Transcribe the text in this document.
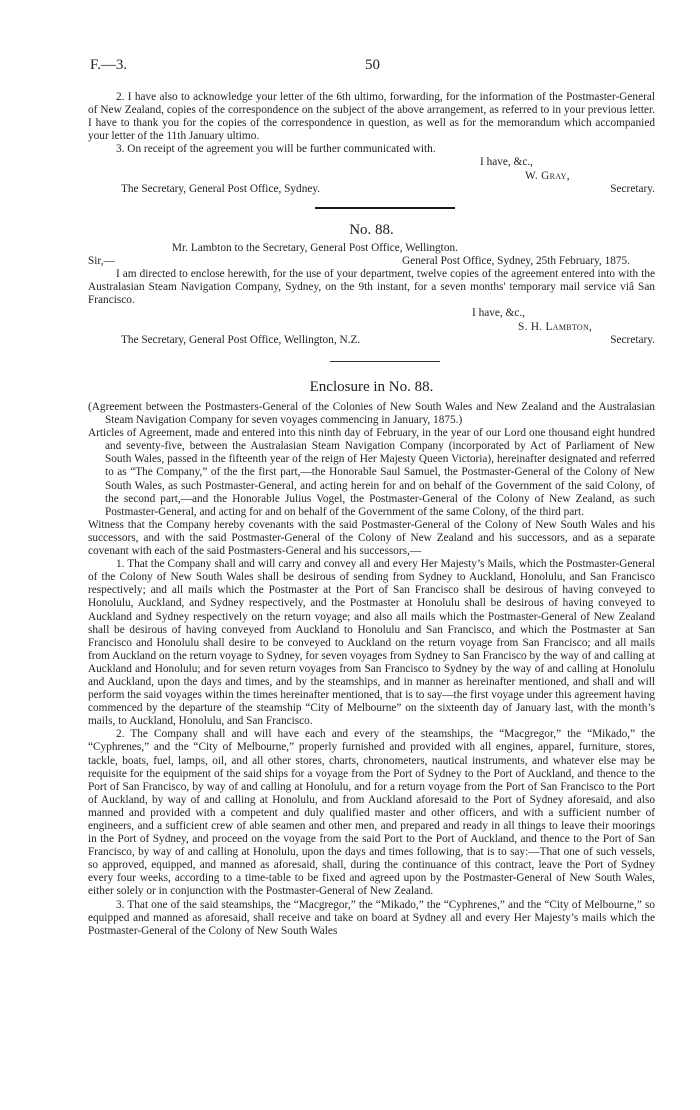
F.—3.	50

2. I have also to acknowledge your letter of the 6th ultimo, forwarding, for the information of the Postmaster-General of New Zealand, copies of the correspondence on the subject of the above arrangement, as referred to in your previous letter. I have to thank you for the copies of the correspondence in question, as well as for the memorandum which accompanied your letter of the 11th January ultimo.

3. On receipt of the agreement you will be further communicated with.

I have, &c.,

W. Gray,

The Secretary, General Post Office, Sydney.	Secretary.
No. 88.

Mr. Lambton to the Secretary, General Post Office, Wellington.

Sir,—	General Post Office, Sydney, 25th February, 1875.

I am directed to enclose herewith, for the use of your department, twelve copies of the agreement entered into with the Australasian Steam Navigation Company, Sydney, on the 9th instant, for a seven months' temporary mail service viâ San Francisco.

I have, &c.,

S. H. Lambton,

The Secretary, General Post Office, Wellington, N.Z.	Secretary.
Enclosure in No. 88.

(Agreement between the Postmasters-General of the Colonies of New South Wales and New Zealand and the Australasian Steam Navigation Company for seven voyages commencing in January, 1875.)

Articles of Agreement, made and entered into this ninth day of February, in the year of our Lord one thousand eight hundred and seventy-five, between the Australasian Steam Navigation Company (incorporated by Act of Parliament of New South Wales, passed in the fifteenth year of the reign of Her Majesty Queen Victoria), hereinafter designated and referred to as “The Company,” of the the first part,—the Honorable Saul Samuel, the Postmaster-General of the Colony of New South Wales, as such Postmaster-General, and acting herein for and on behalf of the Government of the said Colony, of the second part,—and the Honorable Julius Vogel, the Postmaster-General of the Colony of New Zealand, as such Postmaster-General, and acting for and on behalf of the Government of the same Colony, of the third part.

Witness that the Company hereby covenants with the said Postmaster-General of the Colony of New South Wales and his successors, and with the said Postmaster-General of the Colony of New Zealand and his successors, and as a separate covenant with each of the said Postmasters-General and his successors,—

1. That the Company shall and will carry and convey all and every Her Majesty’s Mails, which the Postmaster-General of the Colony of New South Wales shall be desirous of sending from Sydney to Auckland, Honolulu, and San Francisco respectively; and all mails which the Postmaster at the Port of San Francisco shall be desirous of having conveyed to Honolulu, Auckland, and Sydney respectively, and the Postmaster at Honolulu shall be desirous of having conveyed to Auckland and Sydney respectively on the return voyage; and also all mails which the Postmaster-General of New Zealand shall be desirous of having conveyed from Auckland to Honolulu and San Francisco, and which the Postmaster at San Francisco and Honolulu shall desire to be conveyed to Auckland on the return voyage from San Francisco; and all mails from Auckland on the return voyage to Sydney, for seven voyages from Sydney to San Francisco by the way of and calling at Auckland and Honolulu; and for seven return voyages from San Francisco to Sydney by the way of and calling at Honolulu and Auckland, upon the days and times, and by the steamships, and in manner as hereinafter mentioned, and shall and will perform the said voyages within the times hereinafter mentioned, that is to say—the first voyage under this agreement having commenced by the departure of the steamship “City of Melbourne” on the sixteenth day of January last, with the month’s mails, to Auckland, Honolulu, and San Francisco.

2. The Company shall and will have each and every of the steamships, the “Macgregor,” the “Mikado,” the “Cyphrenes,” and the “City of Melbourne,” properly furnished and provided with all engines, apparel, furniture, stores, tackle, boats, fuel, lamps, oil, and all other stores, charts, chronometers, nautical instruments, and whatever else may be requisite for the equipment of the said ships for a voyage from the Port of Sydney to the Port of Auckland, and thence to the Port of San Francisco, by way of and calling at Honolulu, and for a return voyage from the Port of San Francisco to the Port of Auckland, by way of and calling at Honolulu, and from Auckland aforesaid to the Port of Sydney aforesaid, and also manned and provided with a competent and duly qualified master and other officers, and with a sufficient number of engineers, and a sufficient crew of able seamen and other men, and prepared and ready in all things to leave their moorings in the Port of Sydney, and proceed on the voyage from the said Port to the Port of Auckland, and thence to the Port of San Francisco, by way of and calling at Honolulu, upon the days and times following, that is to say:—That one of such vessels, so approved, equipped, and manned as aforesaid, shall, during the continuance of this contract, leave the Port of Sydney every four weeks, according to a time-table to be fixed and agreed upon by the Postmaster-General of New South Wales, either solely or in conjunction with the Postmaster-General of New Zealand.

3. That one of the said steamships, the “Macgregor,” the “Mikado,” the “Cyphrenes,” and the “City of Melbourne,” so equipped and manned as aforesaid, shall receive and take on board at Sydney all and every Her Majesty’s mails which the Postmaster-General of the Colony of New South Wales
